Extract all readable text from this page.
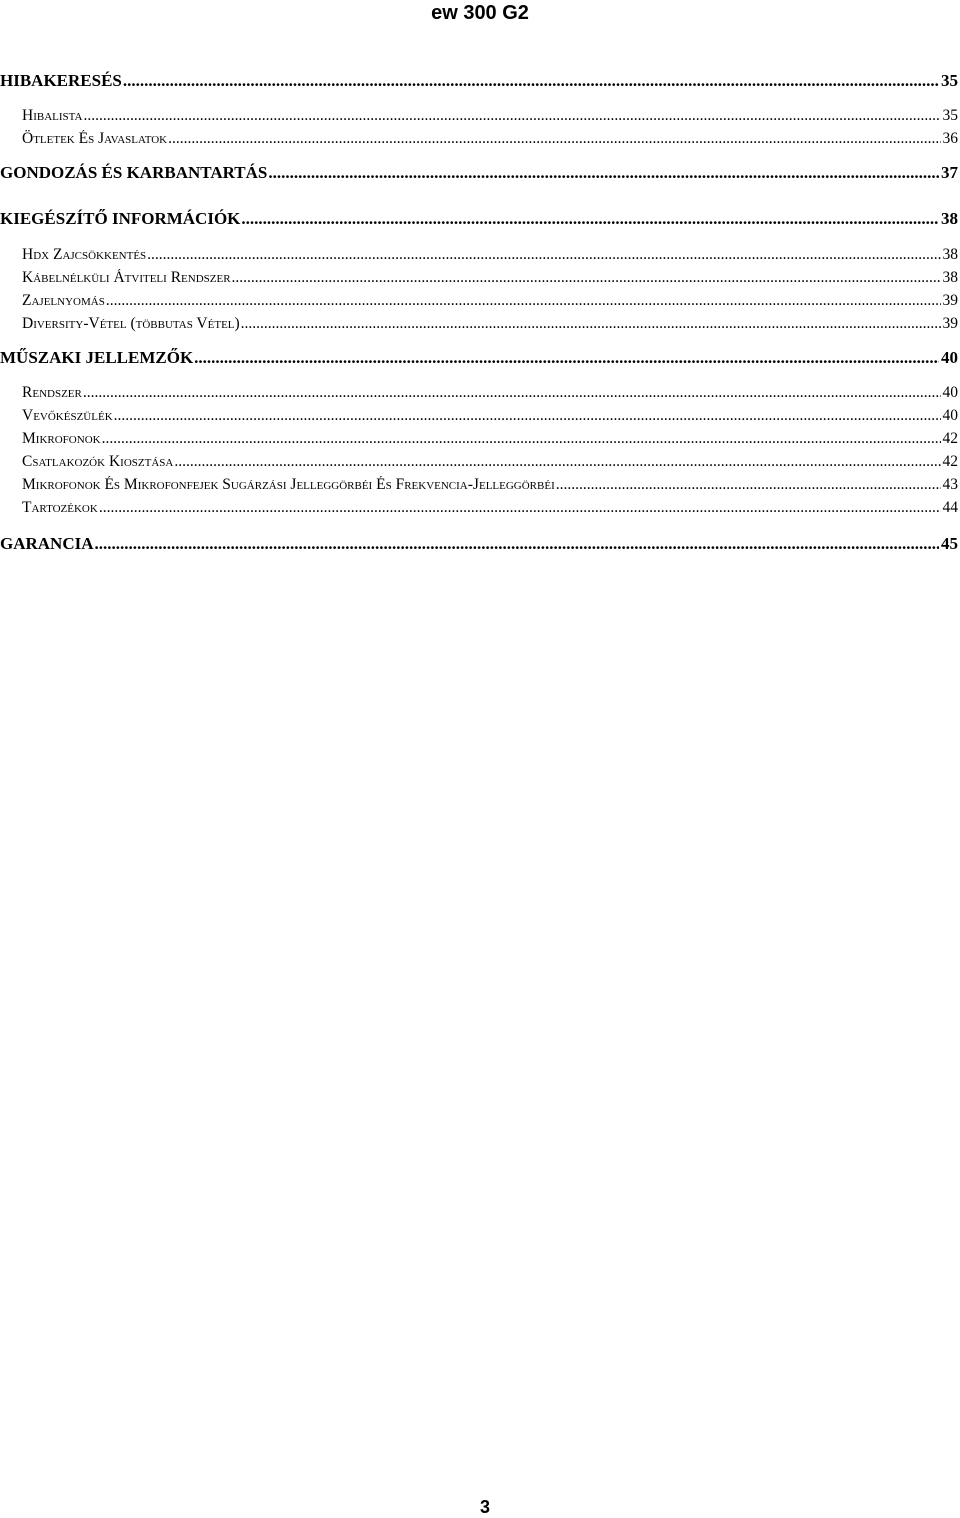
ew 300 G2
HIBAKERESÉS .....	35
Hibalista .....	35
Ötletek És Javaslatok .....	36
GONDOZÁS ÉS KARBANTARTÁS .....	37
KIEGÉSZÍTŐ INFORMÁCIÓK .....	38
Hdx Zajcsökkentés .....	38
Kábelnélküli Átviteli Rendszer .....	38
Zajelnyomás .....	39
Diversity-Vétel (többutas Vétel) .....	39
MŰSZAKI JELLEMZŐK .....	40
Rendszer .....	40
Vevőkészülék .....	40
Mikrofonok .....	42
Csatlakozók Kiosztása .....	42
Mikrofonok És Mikrofonfejek Sugárzási Jelleggörbéi És Frekvencia-Jelleggörbéi .....	43
Tartozékok .....	44
GARANCIA .....	45
3
